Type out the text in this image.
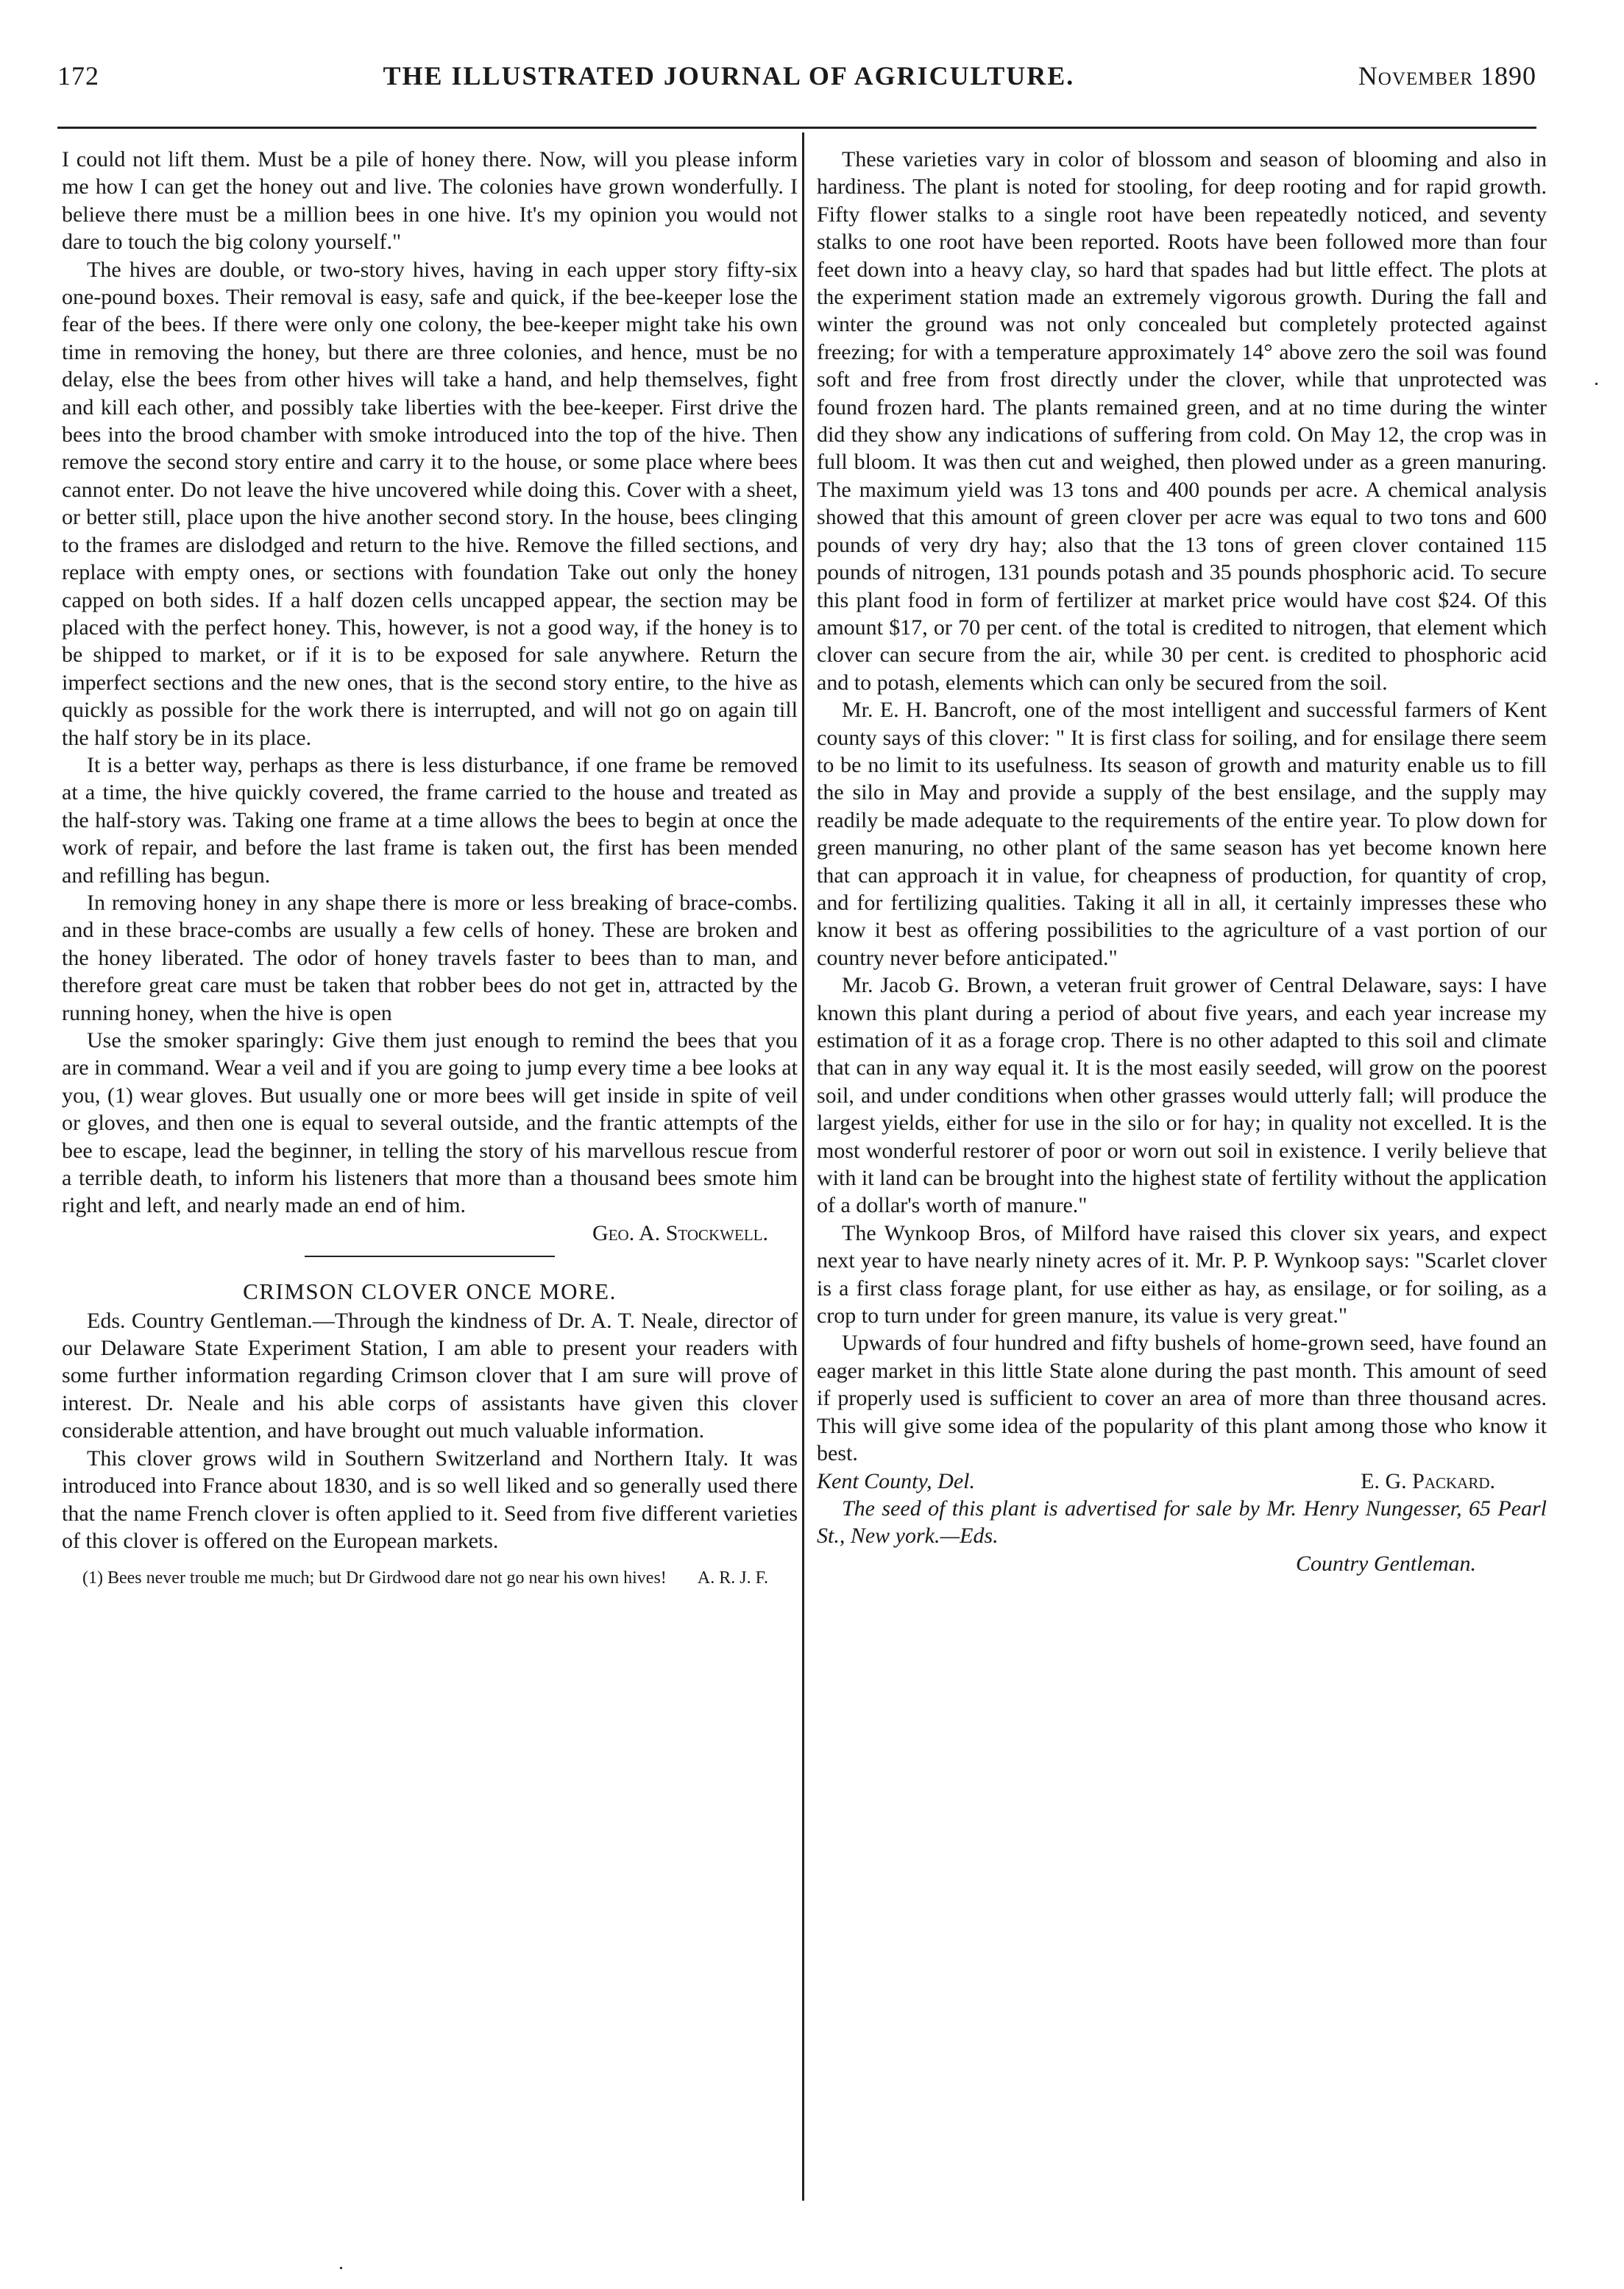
172	THE ILLUSTRATED JOURNAL OF AGRICULTURE.	November 1890

I could not lift them. Must be a pile of honey there. Now, will you please inform me how I can get the honey out and live. The colonies have grown wonderfully. I believe there must be a million bees in one hive. It's my opinion you would not dare to touch the big colony yourself."

The hives are double, or two-story hives, having in each upper story fifty-six one-pound boxes. Their removal is easy, safe and quick, if the bee-keeper lose the fear of the bees. If there were only one colony, the bee-keeper might take his own time in removing the honey, but there are three colonies, and hence, must be no delay, else the bees from other hives will take a hand, and help themselves, fight and kill each other, and possibly take liberties with the bee-keeper. First drive the bees into the brood chamber with smoke introduced into the top of the hive. Then remove the second story entire and carry it to the house, or some place where bees cannot enter. Do not leave the hive uncovered while doing this. Cover with a sheet, or better still, place upon the hive another second story. In the house, bees clinging to the frames are dislodged and return to the hive. Remove the filled sections, and replace with empty ones, or sections with foundation Take out only the honey capped on both sides. If a half dozen cells uncapped appear, the section may be placed with the perfect honey. This, however, is not a good way, if the honey is to be shipped to market, or if it is to be exposed for sale anywhere. Return the imperfect sections and the new ones, that is the second story entire, to the hive as quickly as possible for the work there is interrupted, and will not go on again till the half story be in its place.

It is a better way, perhaps as there is less disturbance, if one frame be removed at a time, the hive quickly covered, the frame carried to the house and treated as the half-story was. Taking one frame at a time allows the bees to begin at once the work of repair, and before the last frame is taken out, the first has been mended and refilling has begun.

In removing honey in any shape there is more or less breaking of brace-combs. and in these brace-combs are usually a few cells of honey. These are broken and the honey liberated. The odor of honey travels faster to bees than to man, and therefore great care must be taken that robber bees do not get in, attracted by the running honey, when the hive is open

Use the smoker sparingly: Give them just enough to remind the bees that you are in command. Wear a veil and if you are going to jump every time a bee looks at you, (1) wear gloves. But usually one or more bees will get inside in spite of veil or gloves, and then one is equal to several outside, and the frantic attempts of the bee to escape, lead the beginner, in telling the story of his marvellous rescue from a terrible death, to inform his listeners that more than a thousand bees smote him right and left, and nearly made an end of him.

Geo. A. Stockwell.
CRIMSON CLOVER ONCE MORE.

Eds. Country Gentleman.—Through the kindness of Dr. A. T. Neale, director of our Delaware State Experiment Station, I am able to present your readers with some further information regarding Crimson clover that I am sure will prove of interest. Dr. Neale and his able corps of assistants have given this clover considerable attention, and have brought out much valuable information.

This clover grows wild in Southern Switzerland and Northern Italy. It was introduced into France about 1830, and is so well liked and so generally used there that the name French clover is often applied to it. Seed from five different varieties of this clover is offered on the European markets.

(1) Bees never trouble me much; but Dr Girdwood dare not go near his own hives!	A. R. J. F.

These varieties vary in color of blossom and season of blooming and also in hardiness. The plant is noted for stooling, for deep rooting and for rapid growth. Fifty flower stalks to a single root have been repeatedly noticed, and seventy stalks to one root have been reported. Roots have been followed more than four feet down into a heavy clay, so hard that spades had but little effect. The plots at the experiment station made an extremely vigorous growth. During the fall and winter the ground was not only concealed but completely protected against freezing; for with a temperature approximately 14° above zero the soil was found soft and free from frost directly under the clover, while that unprotected was found frozen hard. The plants remained green, and at no time during the winter did they show any indications of suffering from cold. On May 12, the crop was in full bloom. It was then cut and weighed, then plowed under as a green manuring. The maximum yield was 13 tons and 400 pounds per acre. A chemical analysis showed that this amount of green clover per acre was equal to two tons and 600 pounds of very dry hay; also that the 13 tons of green clover contained 115 pounds of nitrogen, 131 pounds potash and 35 pounds phosphoric acid. To secure this plant food in form of fertilizer at market price would have cost $24. Of this amount $17, or 70 per cent. of the total is credited to nitrogen, that element which clover can secure from the air, while 30 per cent. is credited to phosphoric acid and to potash, elements which can only be secured from the soil.

Mr. E. H. Bancroft, one of the most intelligent and successful farmers of Kent county says of this clover: " It is first class for soiling, and for ensilage there seem to be no limit to its usefulness. Its season of growth and maturity enable us to fill the silo in May and provide a supply of the best ensilage, and the supply may readily be made adequate to the requirements of the entire year. To plow down for green manuring, no other plant of the same season has yet become known here that can approach it in value, for cheapness of production, for quantity of crop, and for fertilizing qualities. Taking it all in all, it certainly impresses these who know it best as offering possibilities to the agriculture of a vast portion of our country never before anticipated."

Mr. Jacob G. Brown, a veteran fruit grower of Central Delaware, says: I have known this plant during a period of about five years, and each year increase my estimation of it as a forage crop. There is no other adapted to this soil and climate that can in any way equal it. It is the most easily seeded, will grow on the poorest soil, and under conditions when other grasses would utterly fall; will produce the largest yields, either for use in the silo or for hay; in quality not excelled. It is the most wonderful restorer of poor or worn out soil in existence. I verily believe that with it land can be brought into the highest state of fertility without the application of a dollar's worth of manure."

The Wynkoop Bros, of Milford have raised this clover six years, and expect next year to have nearly ninety acres of it. Mr. P. P. Wynkoop says: "Scarlet clover is a first class forage plant, for use either as hay, as ensilage, or for soiling, as a crop to turn under for green manure, its value is very great."

Upwards of four hundred and fifty bushels of home-grown seed, have found an eager market in this little State alone during the past month. This amount of seed if properly used is sufficient to cover an area of more than three thousand acres. This will give some idea of the popularity of this plant among those who know it best.

Kent County, Del.	E. G. Packard.

The seed of this plant is advertised for sale by Mr. Henry Nungesser, 65 Pearl St., New york.—Eds.

Country Gentleman.
